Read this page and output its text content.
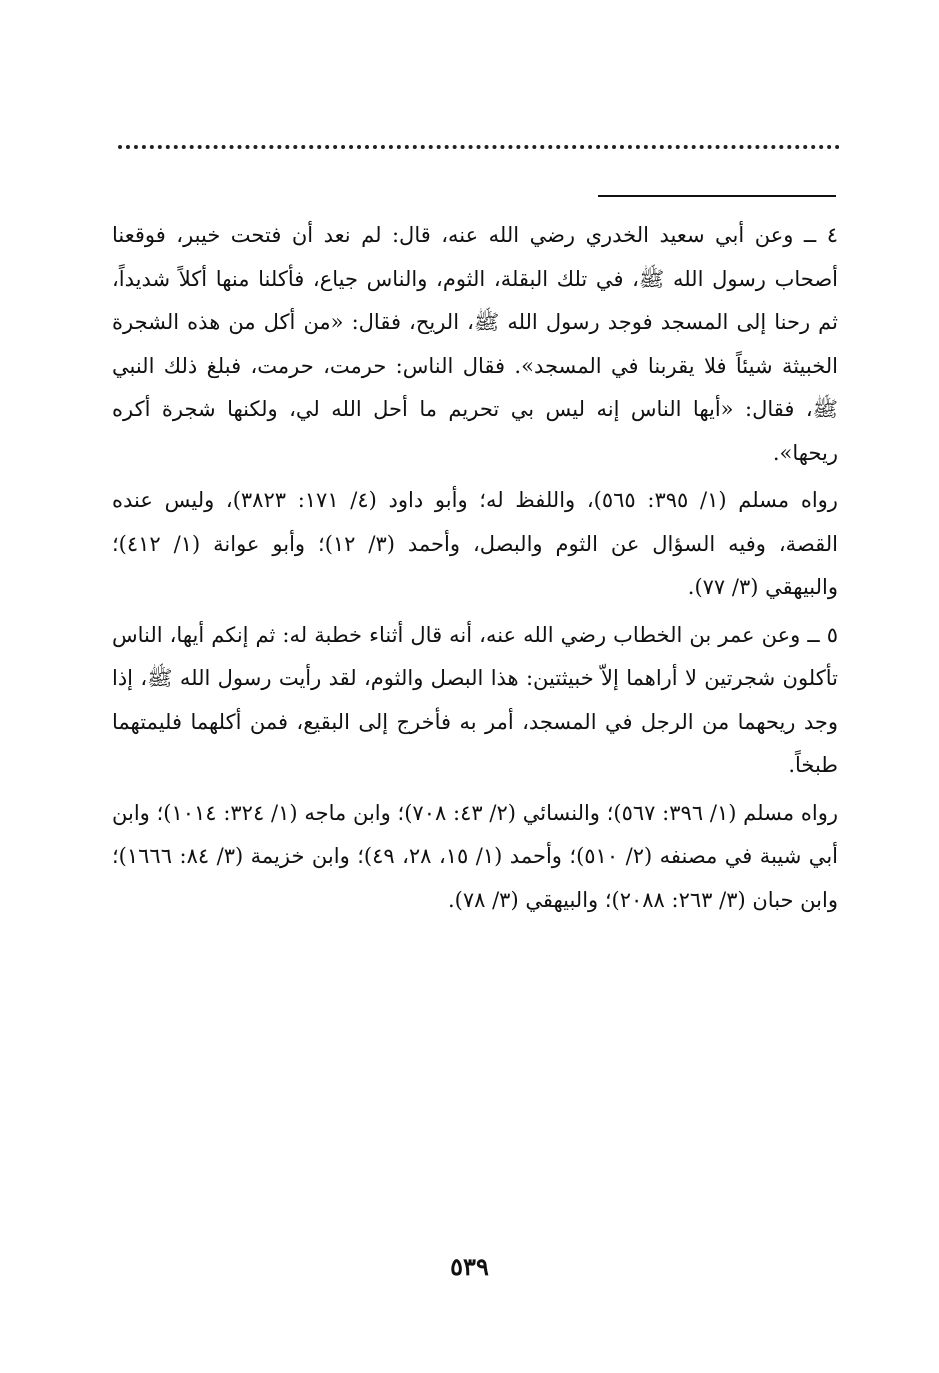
٤ ــ وعن أبي سعيد الخدري رضي الله عنه، قال: لم نعد أن فتحت خيبر، فوقعنا أصحاب رسول الله ﷺ، في تلك البقلة، الثوم، والناس جياع، فأكلنا منها أكلاً شديداً، ثم رحنا إلى المسجد فوجد رسول الله ﷺ، الريح، فقال: «من أكل من هذه الشجرة الخبيثة شيئاً فلا يقربنا في المسجد». فقال الناس: حرمت، حرمت، فبلغ ذلك النبي ﷺ، فقال: «أيها الناس إنه ليس بي تحريم ما أحل الله لي، ولكنها شجرة أكره ريحها».

رواه مسلم (١/ ٣٩٥: ٥٦٥)، واللفظ له؛ وأبو داود (٤/ ١٧١: ٣٨٢٣)، وليس عنده القصة، وفيه السؤال عن الثوم والبصل، وأحمد (٣/ ١٢)؛ وأبو عوانة (١/ ٤١٢)؛ والبيهقي (٣/ ٧٧).

٥ ــ وعن عمر بن الخطاب رضي الله عنه، أنه قال أثناء خطبة له: ثم إنكم أيها، الناس تأكلون شجرتين لا أراهما إلاّ خبيثتين: هذا البصل والثوم، لقد رأيت رسول الله ﷺ، إذا وجد ريحهما من الرجل في المسجد، أمر به فأخرج إلى البقيع، فمن أكلهما فليمتهما طبخاً.

رواه مسلم (١/ ٣٩٦: ٥٦٧)؛ والنسائي (٢/ ٤٣: ٧٠٨)؛ وابن ماجه (١/ ٣٢٤: ١٠١٤)؛ وابن أبي شيبة في مصنفه (٢/ ٥١٠)؛ وأحمد (١/ ١٥، ٢٨، ٤٩)؛ وابن خزيمة (٣/ ٨٤: ١٦٦٦)؛ وابن حبان (٣/ ٢٦٣: ٢٠٨٨)؛ والبيهقي (٣/ ٧٨).

٥٣٩
